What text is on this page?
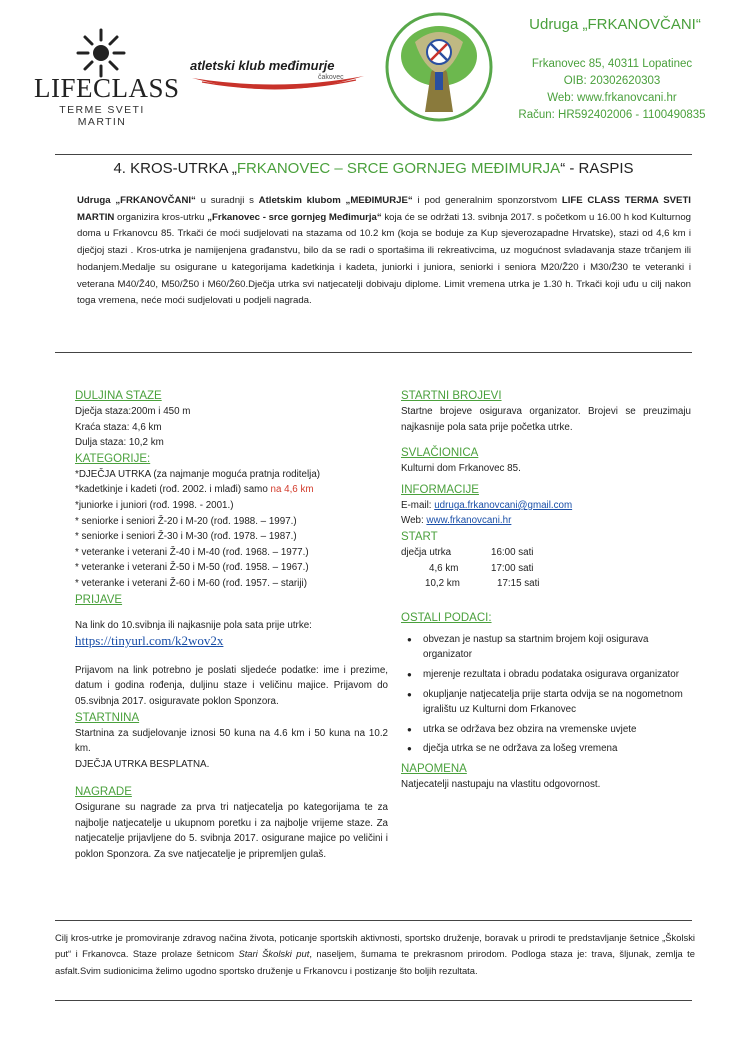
LIFECLASS
TERME SVETI MARTIN
atletski klub međimurje
čakovec
Udruga „FRKANOVČANI“
Frkanovec 85, 40311 Lopatinec
OIB: 20302620303
Web: www.frkanovcani.hr
Račun: HR592402006 - 1100490835
4. KROS-UTRKA „FRKANOVEC – SRCE GORNJEG MEĐIMURJA“ - RASPIS
Udruga „FRKANOVČANI“ u suradnji s Atletskim klubom „MEĐIMURJE“ i pod generalnim sponzorstvom LIFE CLASS TERMA SVETI MARTIN organizira kros-utrku „Frkanovec - srce gornjeg Međimurja“ koja će se održati 13. svibnja 2017. s početkom u 16.00 h kod Kulturnog doma u Frkanovcu 85. Trkači će moći sudjelovati na stazama od 10.2 km (koja se boduje za Kup sjeverozapadne Hrvatske), stazi od 4,6 km i dječjoj stazi . Kros-utrka je namijenjena građanstvu, bilo da se radi o sportašima ili rekreativcima, uz mogućnost svladavanja staze trčanjem ili hodanjem.Medalje su osigurane u kategorijama kadetkinja i kadeta, juniorki i juniora, seniorki i seniora M20/Ž20 i M30/Ž30 te veteranki i veterana M40/Ž40, M50/Ž50 i M60/Ž60.Dječja utrka svi natjecatelji dobivaju diplome. Limit vremena utrka je 1.30 h. Trkači koji uđu u cilj nakon toga vremena, neće moći sudjelovati u podjeli nagrada.
DULJINA STAZE

Dječja staza:200m i 450 m

Kraća staza: 4,6 km

Dulja staza: 10,2 km

KATEGORIJE:

*DJEČJA UTRKA (za najmanje moguća pratnja roditelja)

*kadetkinje i kadeti (rođ. 2002. i mlađi) samo na 4,6 km

*juniorke i juniori (rođ. 1998. - 2001.)

* seniorke i seniori Ž-20 i M-20 (rođ. 1988. – 1997.)

* seniorke i seniori Ž-30 i M-30 (rođ. 1978. – 1987.)

* veteranke i veterani Ž-40 i M-40 (rođ. 1968. – 1977.)

* veteranke i veterani Ž-50 i M-50 (rođ. 1958. – 1967.)

* veteranke i veterani Ž-60 i M-60 (rođ. 1957. – stariji)

PRIJAVE

Na link do 10.svibnja ili najkasnije pola sata prije utrke:

https://tinyurl.com/k2wov2x

Prijavom na link potrebno je poslati sljedeće podatke: ime i prezime, datum i godina rođenja, duljinu staze i veličinu majice. Prijavom do 05.svibnja 2017. osiguravate poklon Sponzora.

STARTNINA

Startnina za sudjelovanje iznosi 50 kuna na 4.6 km i 50 kuna na 10.2 km.

DJEČJA UTRKA BESPLATNA.

NAGRADE

Osigurane su nagrade za prva tri natjecatelja po kategorijama te za najbolje natjecatelje u ukupnom poretku i za najbolje vrijeme staze. Za natjecatelje prijavljene do 5. svibnja 2017. osigurane majice po veličini i poklon Sponzora. Za sve natjecatelje je pripremljen gulaš.

STARTNI BROJEVI

Startne brojeve osigurava organizator. Brojevi se preuzimaju najkasnije pola sata prije početka utrke.

SVLAČIONICA

Kulturni dom Frkanovec 85.

INFORMACIJE

E-mail: udruga.frkanovcani@gmail.com

Web: www.frkanovcani.hr

START
dječja utrka	16:00 sati
4,6 km	17:00 sati
10,2 km	17:15 sati
OSTALI PODACI:
● obvezan je nastup sa startnim brojem koji osigurava organizator
● mjerenje rezultata i obradu podataka osigurava organizator
● okupljanje natjecatelja prije starta odvija se na nogometnom igralištu uz Kulturni dom Frkanovec
● utrka se održava bez obzira na vremenske uvjete
● dječja utrka se ne održava za lošeg vremena
NAPOMENA

Natjecatelji nastupaju na vlastitu odgovornost.

Cilj kros-utrke je promoviranje zdravog načina života, poticanje sportskih aktivnosti, sportsko druženje, boravak u prirodi te predstavljanje šetnice „Školski put“ i Frkanovca. Staze prolaze šetnicom Stari Školski put, naseljem, šumama te prekrasnom prirodom. Podloga staza je: trava, šljunak, zemlja te asfalt.Svim sudionicima želimo ugodno sportsko druženje u Frkanovcu i postizanje što boljih rezultata.
